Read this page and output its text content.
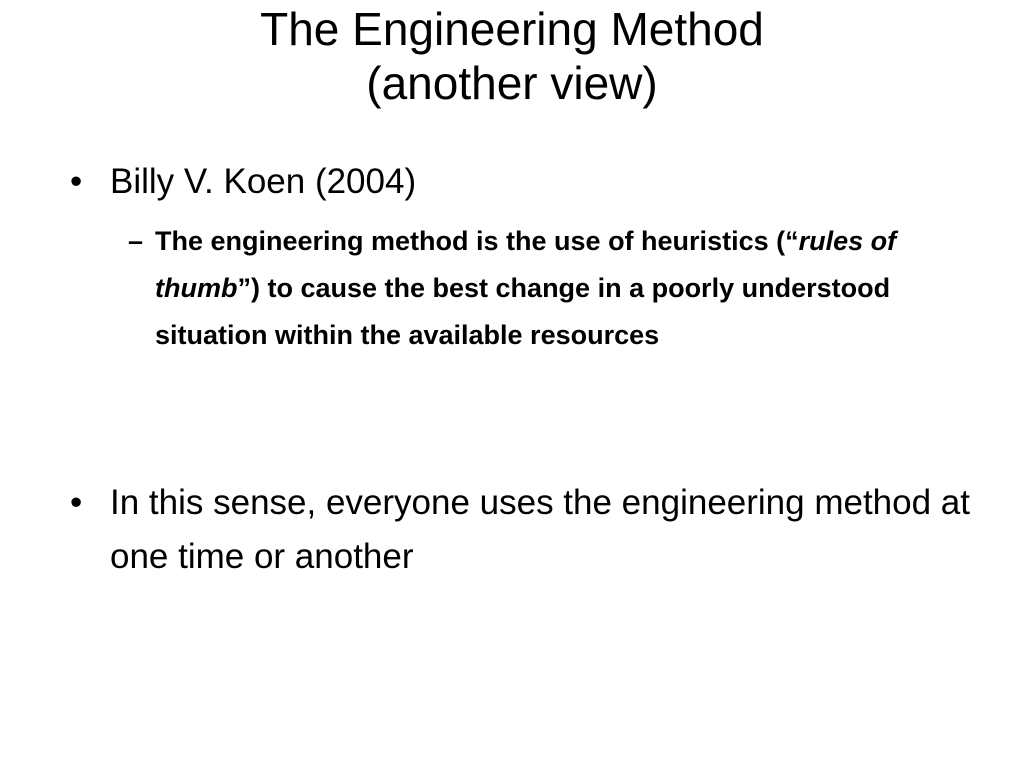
The Engineering Method
(another view)
• Billy V. Koen (2004)
– The engineering method is the use of heuristics (“rules of thumb”) to cause the best change in a poorly understood situation within the available resources
• In this sense, everyone uses the engineering method at one time or another
